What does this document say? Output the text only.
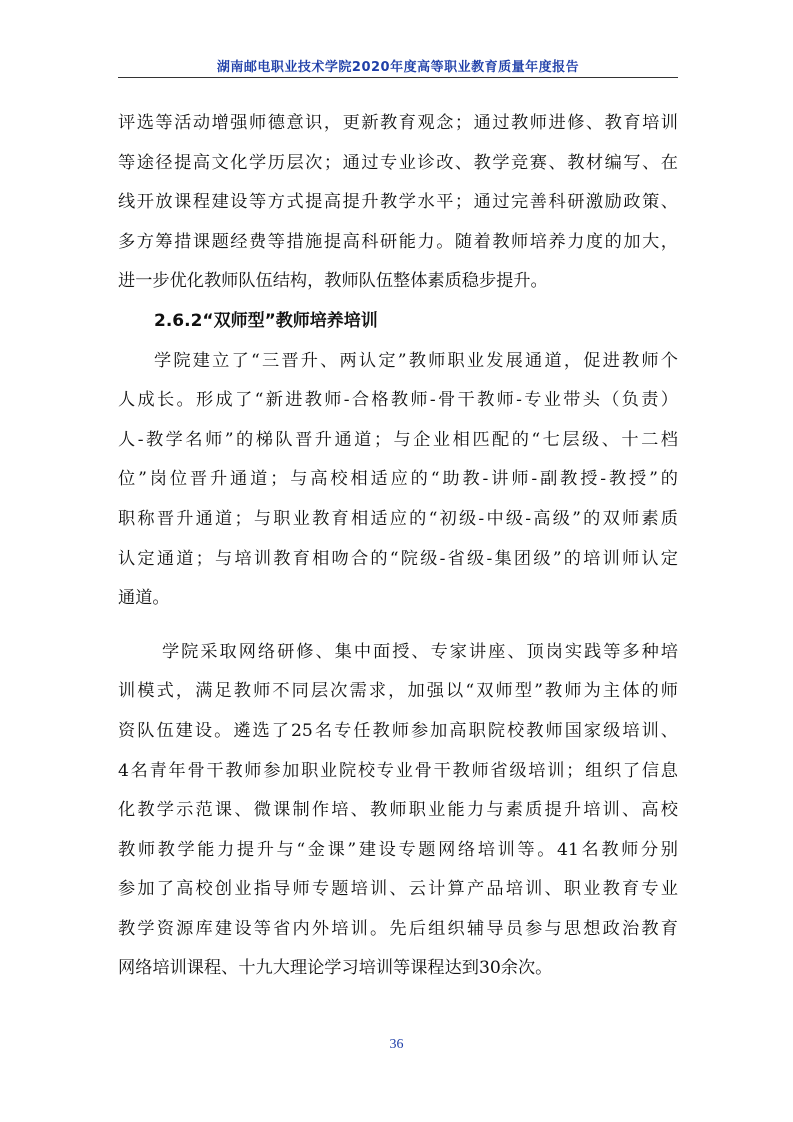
湖南邮电职业技术学院2020年度高等职业教育质量年度报告
评选等活动增强师德意识，更新教育观念；通过教师进修、教育培训
等途径提高文化学历层次；通过专业诊改、教学竞赛、教材编写、在
线开放课程建设等方式提高提升教学水平；通过完善科研激励政策、
多方筹措课题经费等措施提高科研能力。随着教师培养力度的加大，
进一步优化教师队伍结构，教师队伍整体素质稳步提升。
2.6.2“双师型”教师培养培训
学院建立了“三晋升、两认定”教师职业发展通道，促进教师个
人成长。形成了“新进教师-合格教师-骨干教师-专业带头（负责）
人-教学名师”的梯队晋升通道；与企业相匹配的“七层级、十二档
位”岗位晋升通道；与高校相适应的“助教-讲师-副教授-教授”的
职称晋升通道；与职业教育相适应的“初级-中级-高级”的双师素质
认定通道；与培训教育相吻合的“院级-省级-集团级”的培训师认定
通道。
学院采取网络研修、集中面授、专家讲座、顶岗实践等多种培
训模式，满足教师不同层次需求，加强以“双师型”教师为主体的师
资队伍建设。遴选了25名专任教师参加高职院校教师国家级培训、
4名青年骨干教师参加职业院校专业骨干教师省级培训；组织了信息
化教学示范课、微课制作培、教师职业能力与素质提升培训、高校
教师教学能力提升与“金课”建设专题网络培训等。41名教师分别
参加了高校创业指导师专题培训、云计算产品培训、职业教育专业
教学资源库建设等省内外培训。先后组织辅导员参与思想政治教育
网络培训课程、十九大理论学习培训等课程达到30余次。
36
